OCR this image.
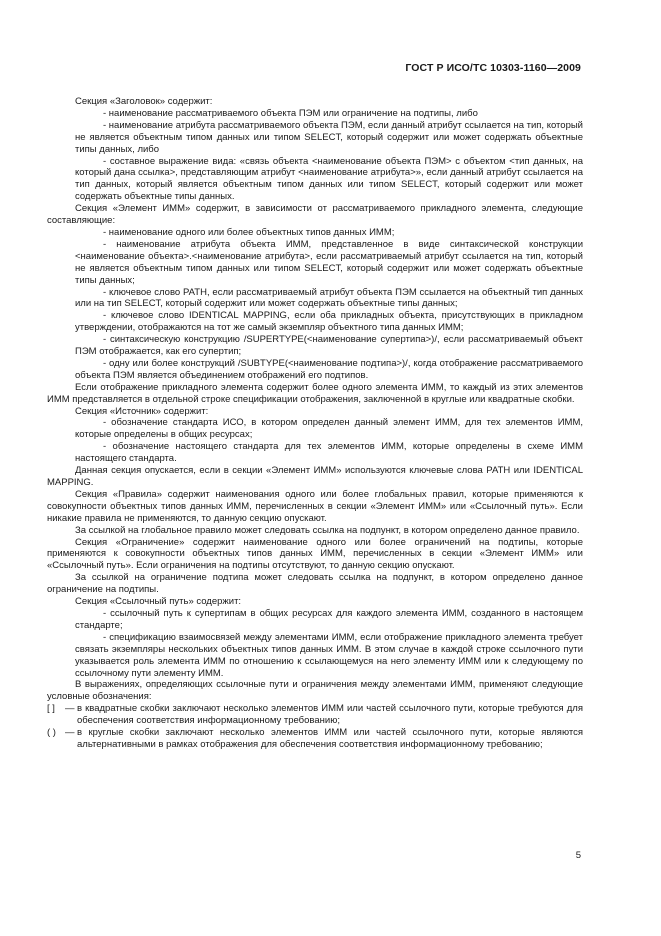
ГОСТ Р ИСО/ТС 10303-1160—2009

Секция «Заголовок» содержит:

- наименование рассматриваемого объекта ПЭМ или ограничение на подтипы, либо

- наименование атрибута рассматриваемого объекта ПЭМ, если данный атрибут ссылается на тип, который не является объектным типом данных или типом SELECT, который содержит или может содержать объектные типы данных, либо

- составное выражение вида: «связь объекта <наименование объекта ПЭМ> с объектом <тип данных, на который дана ссылка>, представляющим атрибут <наименование атрибута>», если данный атрибут ссылается на тип данных, который является объектным типом данных или типом SELECT, который содержит или может содержать объектные типы данных.

Секция «Элемент ИММ» содержит, в зависимости от рассматриваемого прикладного элемента, следующие составляющие:

- наименование одного или более объектных типов данных ИММ;

- наименование атрибута объекта ИММ, представленное в виде синтаксической конструкции <наименование объекта>.<наименование атрибута>, если рассматриваемый атрибут ссылается на тип, который не является объектным типом данных или типом SELECT, который содержит или может содержать объектные типы данных;

- ключевое слово PATH, если рассматриваемый атрибут объекта ПЭМ ссылается на объектный тип данных или на тип SELECT, который содержит или может содержать объектные типы данных;

- ключевое слово IDENTICAL MAPPING, если оба прикладных объекта, присутствующих в прикладном утверждении, отображаются на тот же самый экземпляр объектного типа данных ИММ;

- синтаксическую конструкцию /SUPERTYPE(<наименование супертипа>)/, если рассматриваемый объект ПЭМ отображается, как его супертип;

- одну или более конструкций /SUBTYPE(<наименование подтипа>)/, когда отображение рассматриваемого объекта ПЭМ является объединением отображений его подтипов.

Если отображение прикладного элемента содержит более одного элемента ИММ, то каждый из этих элементов ИММ представляется в отдельной строке спецификации отображения, заключенной в круглые или квадратные скобки.

Секция «Источник» содержит:

- обозначение стандарта ИСО, в котором определен данный элемент ИММ, для тех элементов ИММ, которые определены в общих ресурсах;

- обозначение настоящего стандарта для тех элементов ИММ, которые определены в схеме ИММ настоящего стандарта.

Данная секция опускается, если в секции «Элемент ИММ» используются ключевые слова PATH или IDENTICAL MAPPING.

Секция «Правила» содержит наименования одного или более глобальных правил, которые применяются к совокупности объектных типов данных ИММ, перечисленных в секции «Элемент ИММ» или «Ссылочный путь». Если никакие правила не применяются, то данную секцию опускают.

За ссылкой на глобальное правило может следовать ссылка на подпункт, в котором определено данное правило.

Секция «Ограничение» содержит наименование одного или более ограничений на подтипы, которые применяются к совокупности объектных типов данных ИММ, перечисленных в секции «Элемент ИММ» или «Ссылочный путь». Если ограничения на подтипы отсутствуют, то данную секцию опускают.

За ссылкой на ограничение подтипа может следовать ссылка на подпункт, в котором определено данное ограничение на подтипы.

Секция «Ссылочный путь» содержит:

- ссылочный путь к супертипам в общих ресурсах для каждого элемента ИММ, созданного в настоящем стандарте;

- спецификацию взаимосвязей между элементами ИММ, если отображение прикладного элемента требует связать экземпляры нескольких объектных типов данных ИММ. В этом случае в каждой строке ссылочного пути указывается роль элемента ИММ по отношению к ссылающемуся на него элементу ИММ или к следующему по ссылочному пути элементу ИММ.

В выражениях, определяющих ссылочные пути и ограничения между элементами ИММ, применяют следующие условные обозначения:

[ ]	— в квадратные скобки заключают несколько элементов ИММ или частей ссылочного пути, которые требуются для обеспечения соответствия информационному требованию;
( ) — в круглые скобки заключают несколько элементов ИММ или частей ссылочного пути, которые являются альтернативными в рамках отображения для обеспечения соответствия информационному требованию;
5
